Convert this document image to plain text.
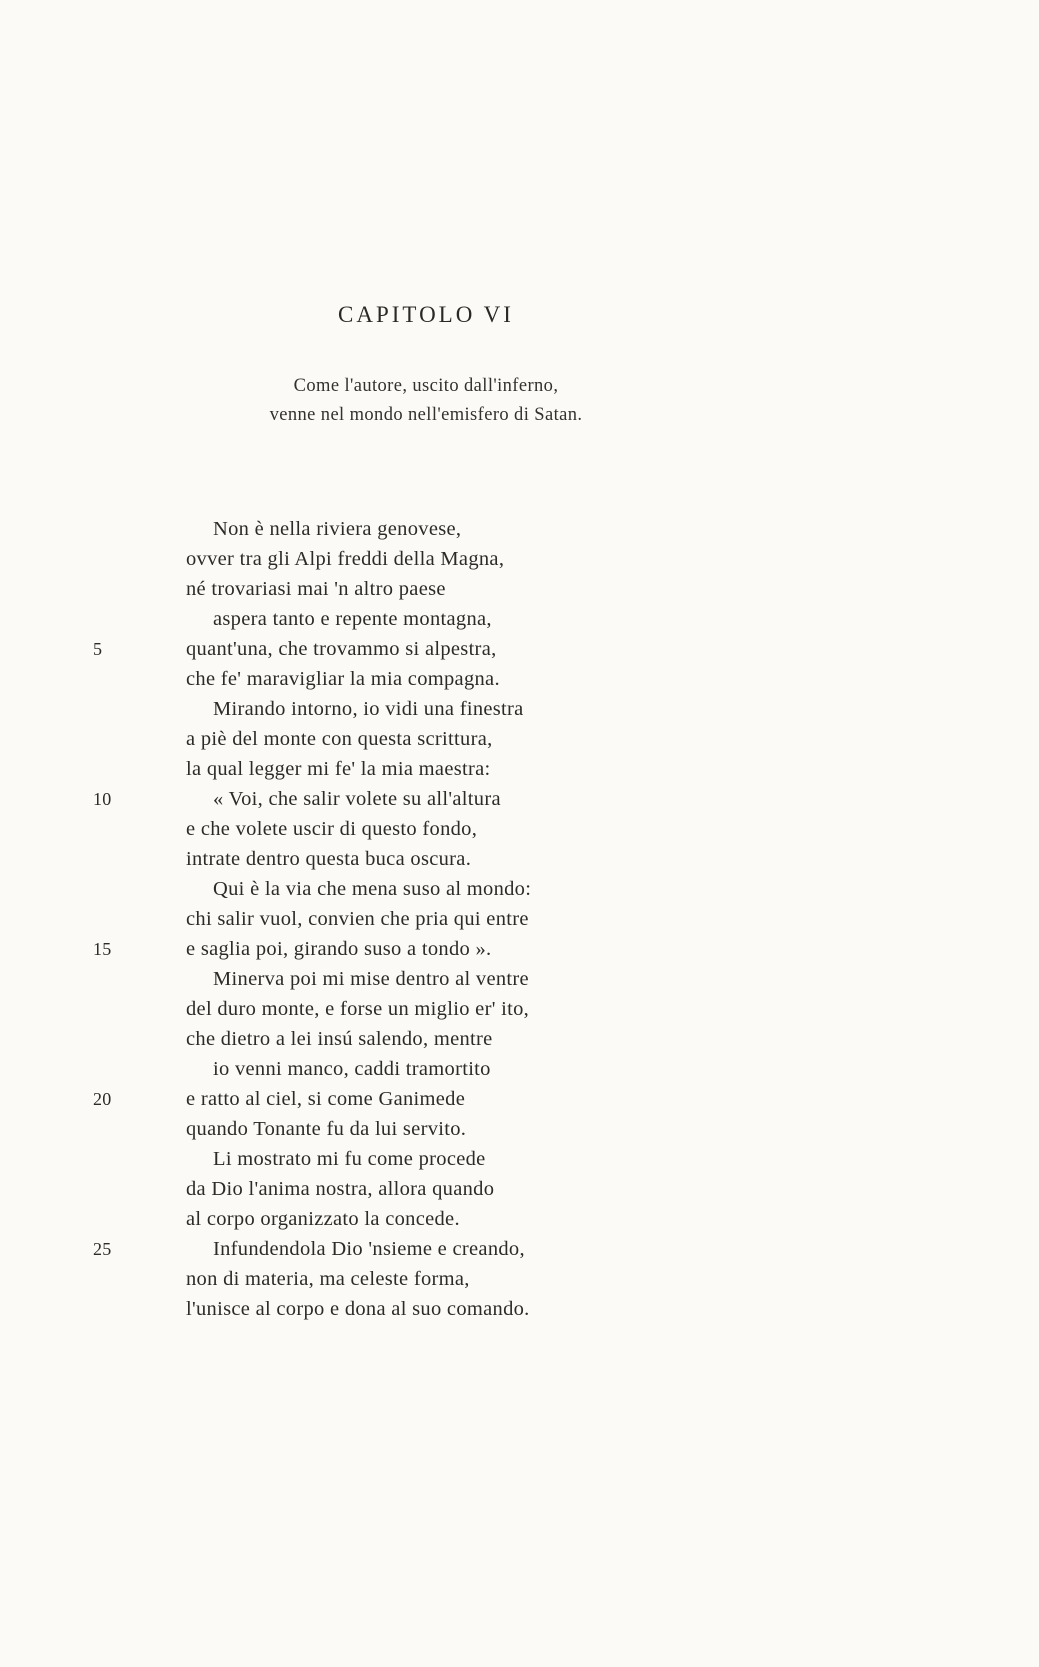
CAPITOLO VI
Come l'autore, uscito dall'inferno,
venne nel mondo nell'emisfero di Satan.
Non è nella riviera genovese,
ovver tra gli Alpi freddi della Magna,
né trovariasi mai 'n altro paese
aspera tanto e repente montagna,
5	quant'una, che trovammo si alpestra,
che fe' maravigliar la mia compagna.
Mirando intorno, io vidi una finestra
a piè del monte con questa scrittura,
la qual legger mi fe' la mia maestra:
10	« Voi, che salir volete su all'altura
e che volete uscir di questo fondo,
intrate dentro questa buca oscura.
Qui è la via che mena suso al mondo:
chi salir vuol, convien che pria qui entre
15	e saglia poi, girando suso a tondo ».
Minerva poi mi mise dentro al ventre
del duro monte, e forse un miglio er' ito,
che dietro a lei insú salendo, mentre
io venni manco, caddi tramortito
20	e ratto al ciel, si come Ganimede
quando Tonante fu da lui servito.
Li mostrato mi fu come procede
da Dio l'anima nostra, allora quando
al corpo organizzato la concede.
25	Infundendola Dio 'nsieme e creando,
non di materia, ma celeste forma,
l'unisce al corpo e dona al suo comando.
